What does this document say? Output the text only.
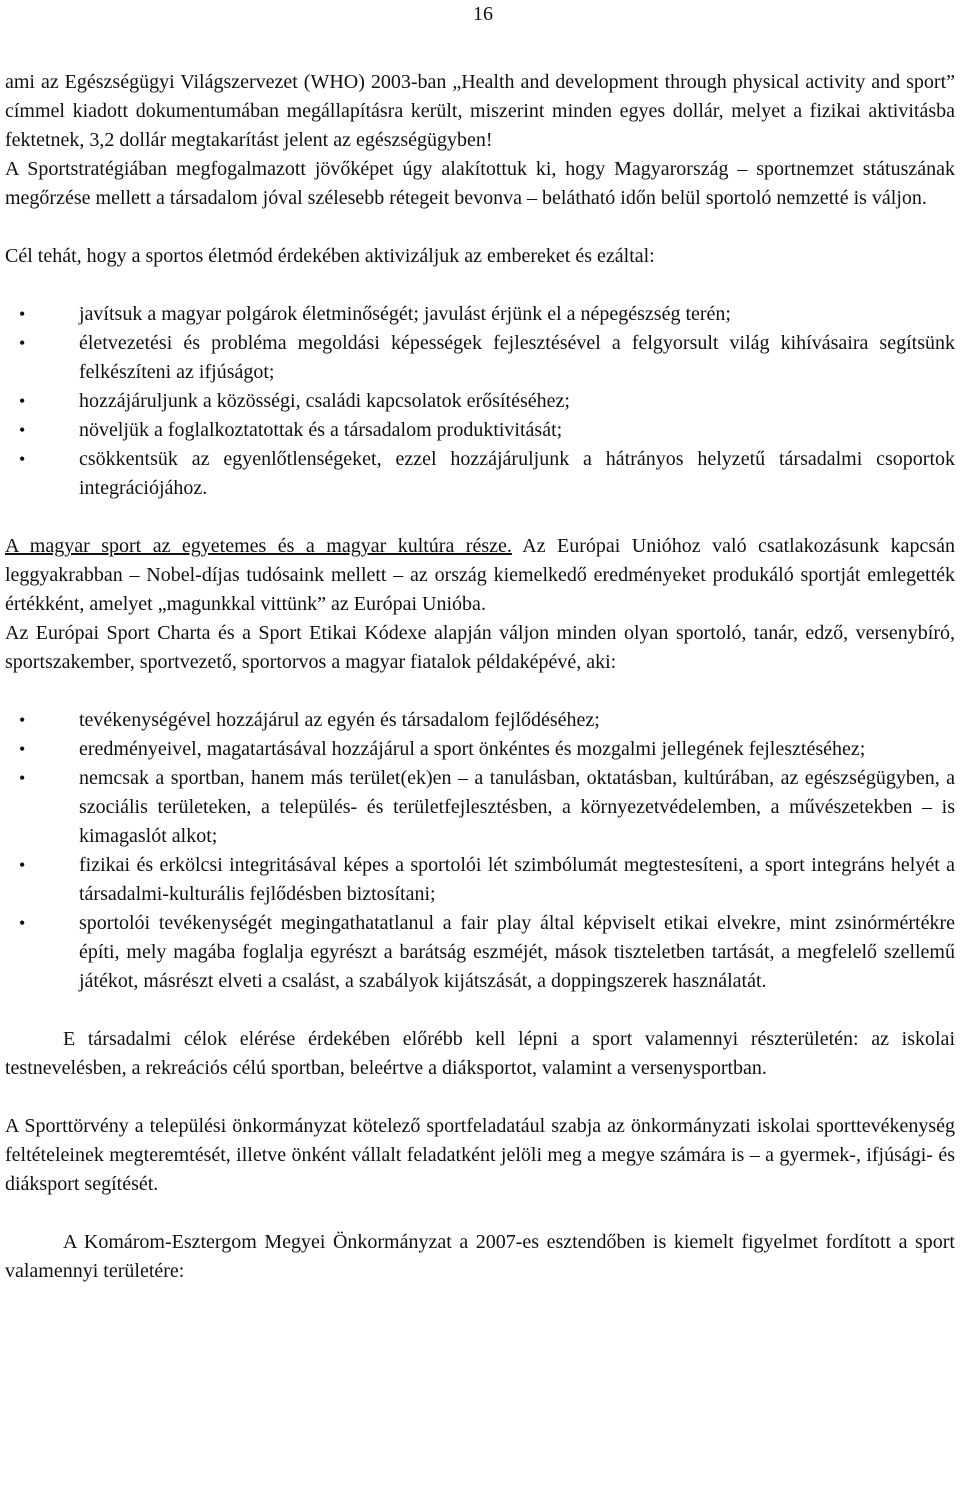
16

ami az Egészségügyi Világszervezet (WHO) 2003-ban „Health and development through physical activity and sport” címmel kiadott dokumentumában megállapításra került, miszerint minden egyes dollár, melyet a fizikai aktivitásba fektetnek, 3,2 dollár megtakarítást jelent az egészségügyben!

A Sportstratégiában megfogalmazott jövőképet úgy alakítottuk ki, hogy Magyarország – sportnemzet státuszának megőrzése mellett a társadalom jóval szélesebb rétegeit bevonva – belátható időn belül sportoló nemzetté is váljon.

Cél tehát, hogy a sportos életmód érdekében aktivizáljuk az embereket és ezáltal:

•	javítsuk a magyar polgárok életminőségét; javulást érjünk el a népegészség terén;
•	életvezetési és probléma megoldási képességek fejlesztésével a felgyorsult világ kihívásaira segítsünk felkészíteni az ifjúságot;
•	hozzájáruljunk a közösségi, családi kapcsolatok erősítéséhez;
•	növeljük a foglalkoztatottak és a társadalom produktivitását;
•	csökkentsük az egyenlőtlenségeket, ezzel hozzájáruljunk a hátrányos helyzetű társadalmi csoportok integrációjához.

A magyar sport az egyetemes és a magyar kultúra része. Az Európai Unióhoz való csatlakozásunk kapcsán leggyakrabban – Nobel-díjas tudósaink mellett – az ország kiemelkedő eredményeket produkáló sportját emlegették értékként, amelyet „magunkkal vittünk” az Európai Unióba.

Az Európai Sport Charta és a Sport Etikai Kódexe alapján váljon minden olyan sportoló, tanár, edző, versenybíró, sportszakember, sportvezető, sportorvos a magyar fiatalok példaképévé, aki:

•	tevékenységével hozzájárul az egyén és társadalom fejlődéséhez;
•	eredményeivel, magatartásával hozzájárul a sport önkéntes és mozgalmi jellegének fejlesztéséhez;
•	nemcsak a sportban, hanem más terület(ek)en – a tanulásban, oktatásban, kultúrában, az egészségügyben, a szociális területeken, a település- és területfejlesztésben, a környezetvédelemben, a művészetekben – is kimagaslót alkot;
•	fizikai és erkölcsi integritásával képes a sportolói lét szimbólumát megtestesíteni, a sport integráns helyét a társadalmi-kulturális fejlődésben biztosítani;
•	sportolói tevékenységét megingathatatlanul a fair play által képviselt etikai elvekre, mint zsinórmértékre építi, mely magába foglalja egyrészt a barátság eszméjét, mások tiszteletben tartását, a megfelelő szellemű játékot, másrészt elveti a csalást, a szabályok kijátszását, a doppingszerek használatát.

E társadalmi célok elérése érdekében előrébb kell lépni a sport valamennyi részterületén: az iskolai testnevelésben, a rekreációs célú sportban, beleértve a diáksportot, valamint a versenysportban.

A Sporttörvény a települési önkormányzat kötelező sportfeladatául szabja az önkormányzati iskolai sporttevékenység feltételeinek megteremtését, illetve önként vállalt feladatként jelöli meg a megye számára is – a gyermek-, ifjúsági- és diáksport segítését.

A Komárom-Esztergom Megyei Önkormányzat a 2007-es esztendőben is kiemelt figyelmet fordított a sport valamennyi területére:
